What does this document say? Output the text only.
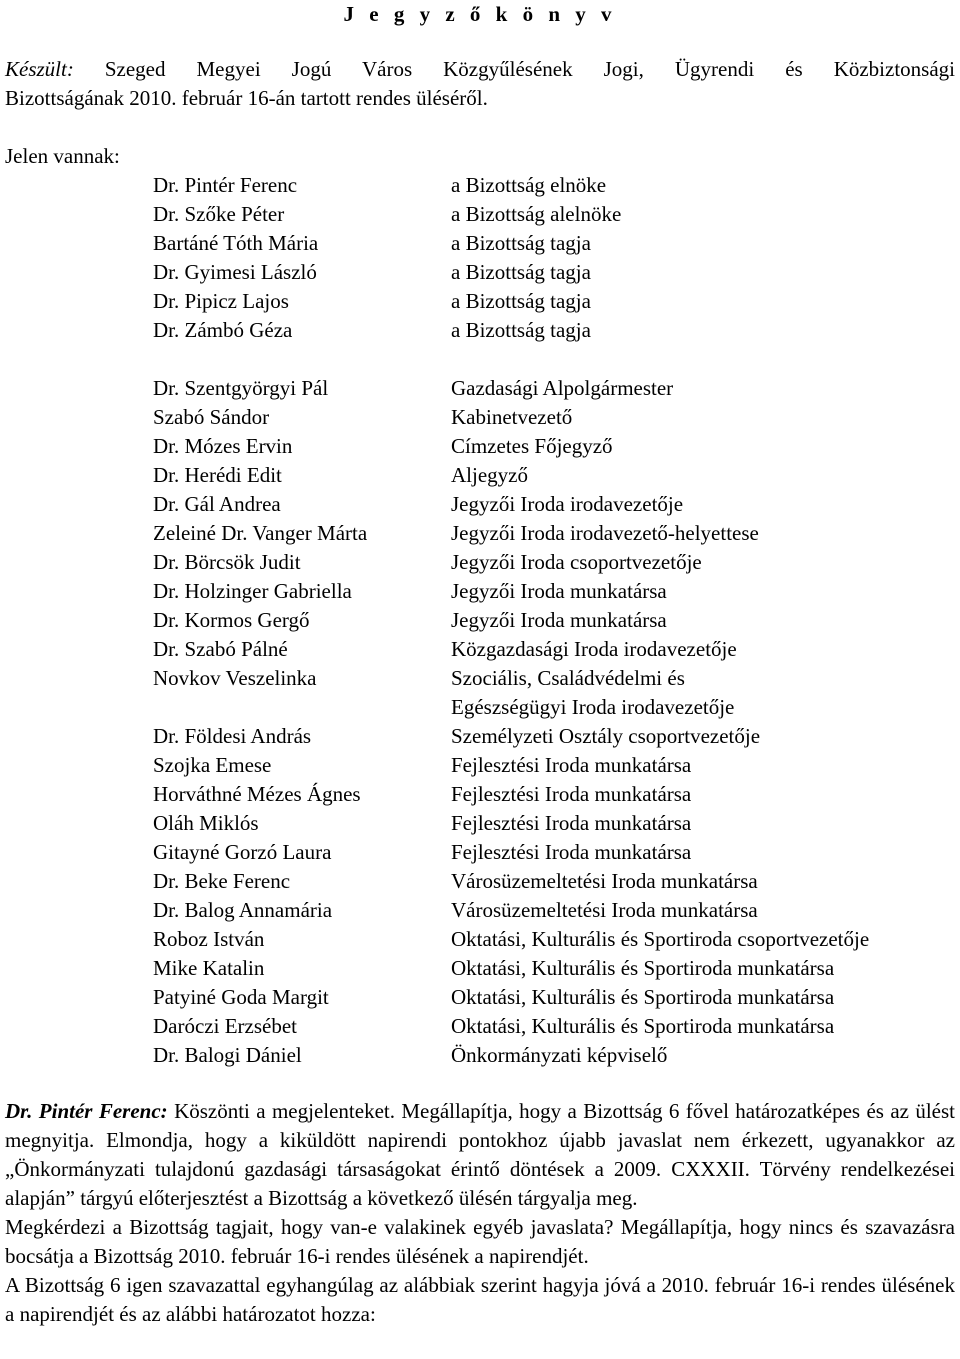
J e g y z ő k ö n y v
Készült: Szeged Megyei Jogú Város Közgyűlésének Jogi, Ügyrendi és Közbiztonsági
Bizottságának 2010. február 16-án tartott rendes üléséről.
Jelen vannak:
Dr. Pintér Ferenc	a Bizottság elnöke
Dr. Szőke Péter	a Bizottság alelnöke
Bartáné Tóth Mária	a Bizottság tagja
Dr. Gyimesi László	a Bizottság tagja
Dr. Pipicz Lajos	a Bizottság tagja
Dr. Zámbó Géza	a Bizottság tagja
Dr. Szentgyörgyi Pál	Gazdasági Alpolgármester
Szabó Sándor	Kabinetvezető
Dr. Mózes Ervin	Címzetes Főjegyző
Dr. Herédi Edit	Aljegyző
Dr. Gál Andrea	Jegyzői Iroda irodavezetője
Zeleiné Dr. Vanger Márta	Jegyzői Iroda irodavezető-helyettese
Dr. Börcsök Judit	Jegyzői Iroda csoportvezetője
Dr. Holzinger Gabriella	Jegyzői Iroda munkatársa
Dr. Kormos Gergő	Jegyzői Iroda munkatársa
Dr. Szabó Pálné	Közgazdasági Iroda irodavezetője
Novkov Veszelinka	Szociális, Családvédelmi és
Egészségügyi Iroda irodavezetője
Dr. Földesi András	Személyzeti Osztály csoportvezetője
Szojka Emese	Fejlesztési Iroda munkatársa
Horváthné Mézes Ágnes	Fejlesztési Iroda munkatársa
Oláh Miklós	Fejlesztési Iroda munkatársa
Gitayné Gorzó Laura	Fejlesztési Iroda munkatársa
Dr. Beke Ferenc	Városüzemeltetési Iroda munkatársa
Dr. Balog Annamária	Városüzemeltetési Iroda munkatársa
Roboz István	Oktatási, Kulturális és Sportiroda csoportvezetője
Mike Katalin	Oktatási, Kulturális és Sportiroda munkatársa
Patyiné Goda Margit	Oktatási, Kulturális és Sportiroda munkatársa
Daróczi Erzsébet	Oktatási, Kulturális és Sportiroda munkatársa
Dr. Balogi Dániel	Önkormányzati képviselő

Dr. Pintér Ferenc: Köszönti a megjelenteket. Megállapítja, hogy a Bizottság 6 fővel határozatképes és az ülést megnyitja. Elmondja, hogy a kiküldött napirendi pontokhoz újabb javaslat nem érkezett, ugyanakkor az „Önkormányzati tulajdonú gazdasági társaságokat érintő döntések a 2009. CXXXII. Törvény rendelkezései alapján” tárgyú előterjesztést a Bizottság a következő ülésén tárgyalja meg.

Megkérdezi a Bizottság tagjait, hogy van-e valakinek egyéb javaslata? Megállapítja, hogy nincs és szavazásra bocsátja a Bizottság 2010. február 16-i rendes ülésének a napirendjét.

A Bizottság 6 igen szavazattal egyhangúlag az alábbiak szerint hagyja jóvá a 2010. február 16-i rendes ülésének a napirendjét és az alábbi határozatot hozza:
